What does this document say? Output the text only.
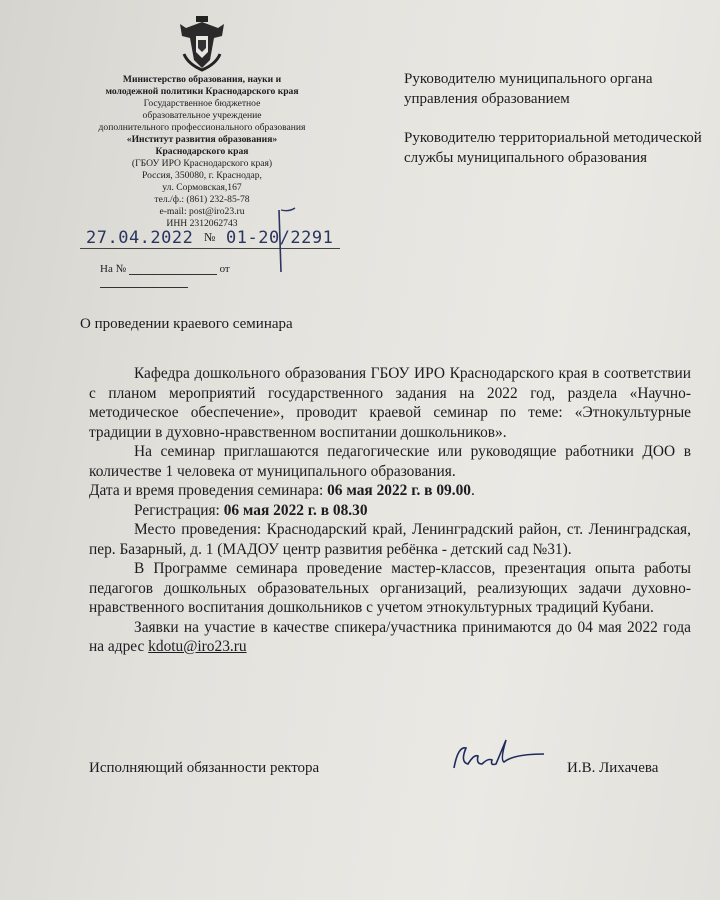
Министерство образования, науки и
молодежной политики Краснодарского края
Государственное бюджетное
образовательное учреждение
дополнительного профессионального образования
«Институт развития образования»
Краснодарского края
(ГБОУ ИРО Краснодарского края)
Россия, 350080, г. Краснодар,
ул. Сормовская,167
тел./ф.: (861) 232-85-78
e-mail: post@iro23.ru
ИНН 2312062743

Руководителю муниципального органа управления образованием

Руководителю территориальной методической службы муниципального образования

27.04.2022 № 01-20/2291
На №	от
О проведении краевого семинара

Кафедра дошкольного образования ГБОУ ИРО Краснодарского края в соответствии с планом мероприятий государственного задания на 2022 год, раздела «Научно-методическое обеспечение», проводит краевой семинар по теме: «Этнокультурные традиции в духовно-нравственном воспитании дошкольников».

На семинар приглашаются педагогические или руководящие работники ДОО в количестве 1 человека от муниципального образования.

Дата и время проведения семинара: 06 мая 2022 г. в 09.00.

Регистрация: 06 мая 2022 г. в 08.30

Место проведения: Краснодарский край, Ленинградский район, ст. Ленинградская, пер. Базарный, д. 1 (МАДОУ центр развития ребёнка - детский сад №31).

В Программе семинара проведение мастер-классов, презентация опыта работы педагогов дошкольных образовательных организаций, реализующих задачи духовно-нравственного воспитания дошкольников с учетом этнокультурных традиций Кубани.

Заявки на участие в качестве спикера/участника принимаются до 04 мая 2022 года на адрес kdotu@iro23.ru

Исполняющий обязанности ректора	И.В. Лихачева
